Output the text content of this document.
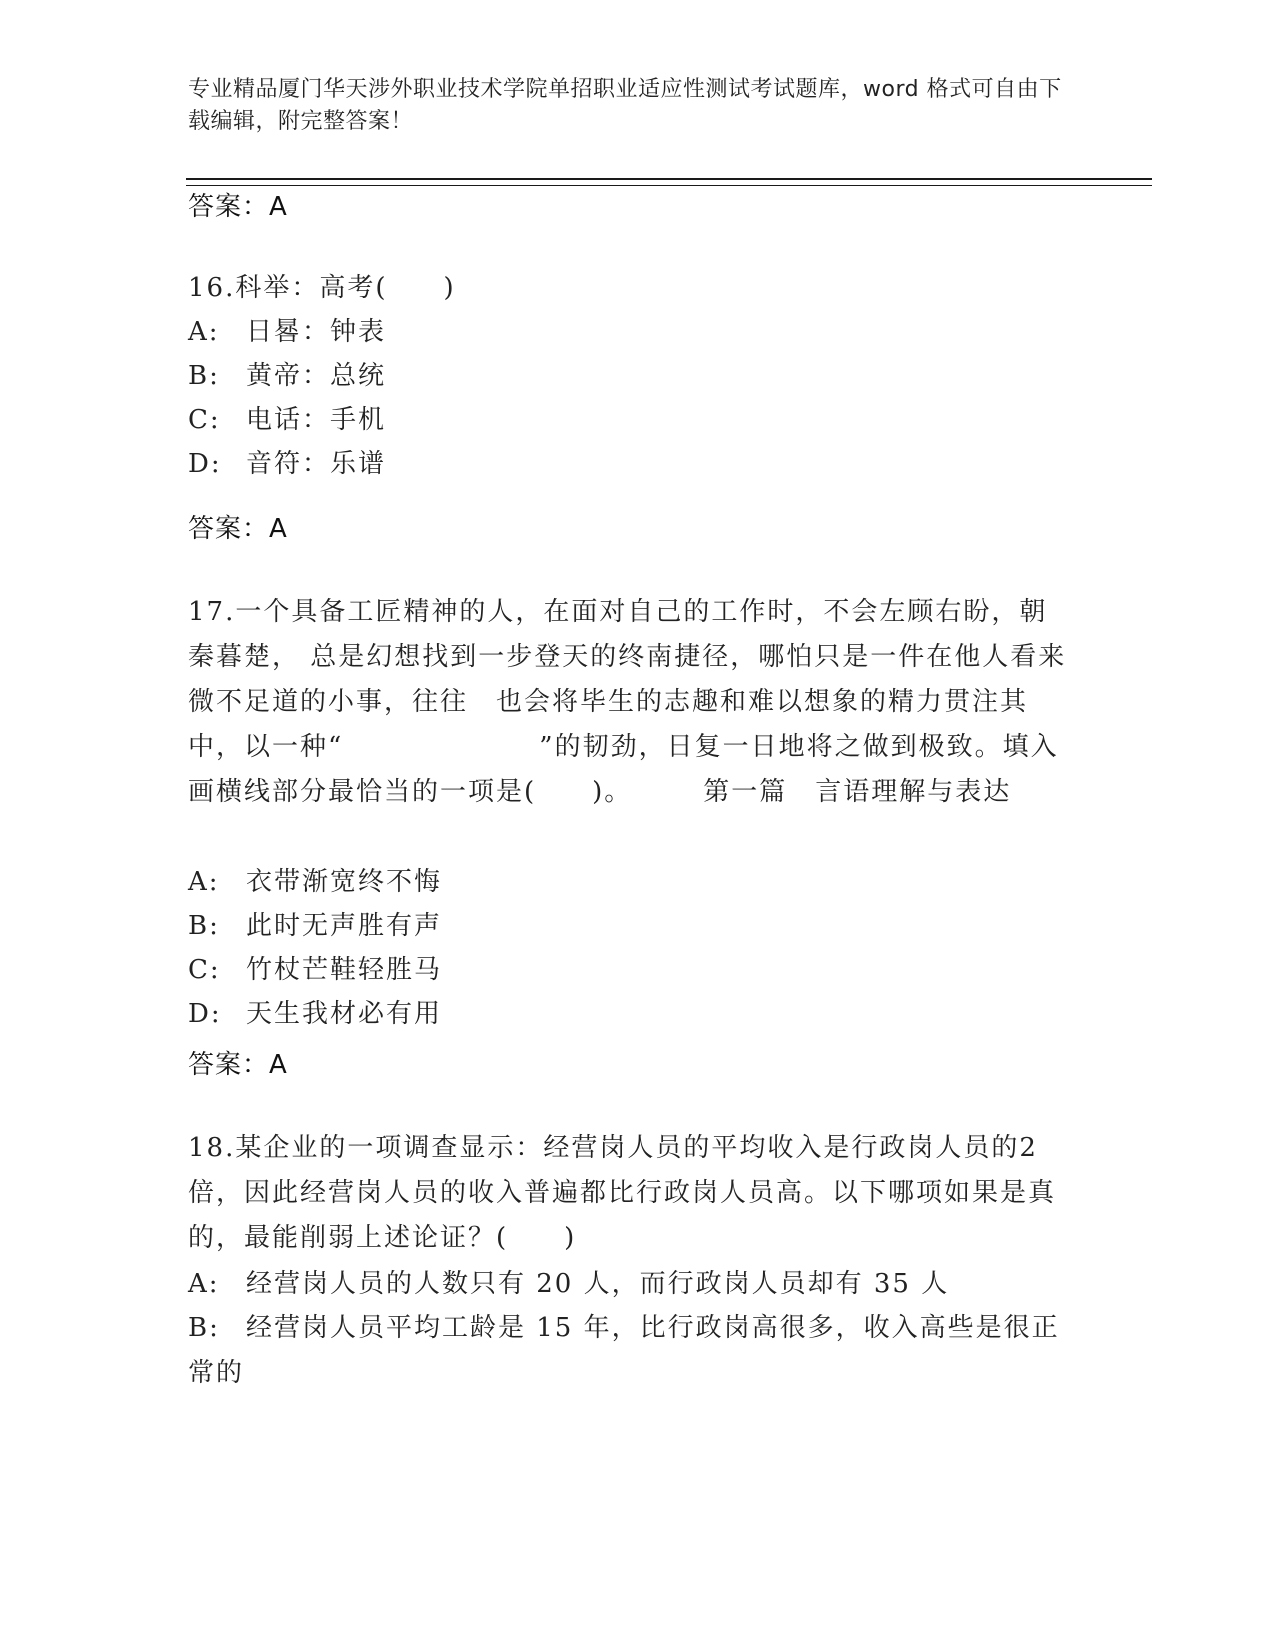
专业精品厦门华天涉外职业技术学院单招职业适应性测试考试题库，word 格式可自由下载编辑，附完整答案！
答案：A
16.科举：高考(　　)
A: 日晷：钟表
B: 黄帝：总统
C: 电话：手机
D: 音符：乐谱
答案：A
17.一个具备工匠精神的人，在面对自己的工作时，不会左顾右盼，朝秦暮楚， 总是幻想找到一步登天的终南捷径，哪怕只是一件在他人看来微不足道的小事，往往　也会将毕生的志趣和难以想象的精力贯注其中，以一种“　　　　　　　”的韧劲，日复一日地将之做到极致。填入画横线部分最恰当的一项是(　　)。　　　第一篇　言语理解与表达
A: 衣带渐宽终不悔
B: 此时无声胜有声
C: 竹杖芒鞋轻胜马
D: 天生我材必有用
答案：A
18.某企业的一项调查显示：经营岗人员的平均收入是行政岗人员的2倍，因此经营岗人员的收入普遍都比行政岗人员高。以下哪项如果是真的，最能削弱上述论证？(　　)
A: 经营岗人员的人数只有 20 人，而行政岗人员却有 35 人
B: 经营岗人员平均工龄是 15 年，比行政岗高很多，收入高些是很正常的
